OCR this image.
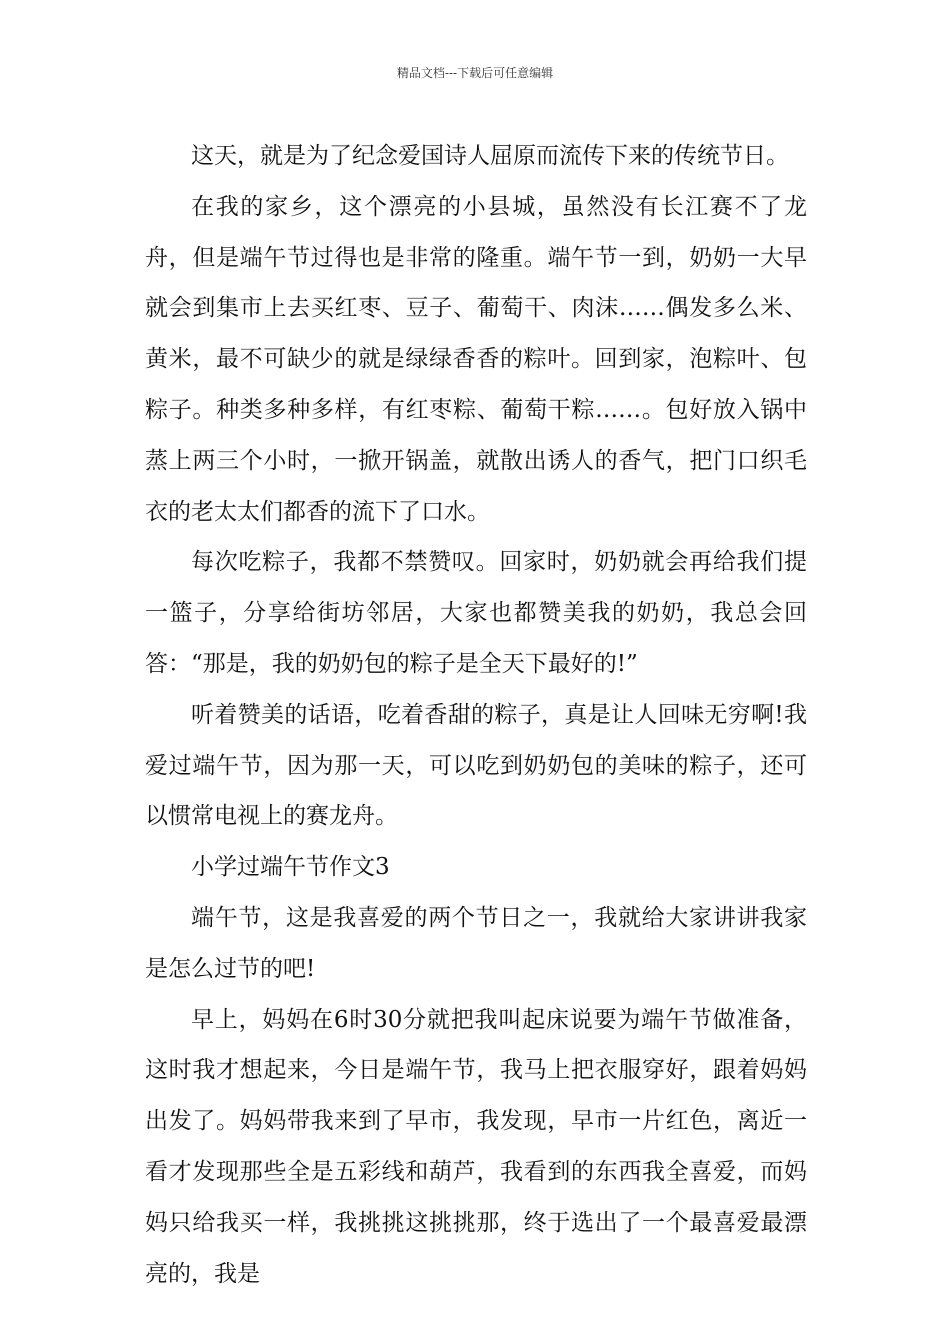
精品文档---下载后可任意编辑

这天，就是为了纪念爱国诗人屈原而流传下来的传统节日。

在我的家乡，这个漂亮的小县城，虽然没有长江赛不了龙舟，但是端午节过得也是非常的隆重。端午节一到，奶奶一大早就会到集市上去买红枣、豆子、葡萄干、肉沫……偶发多么米、黄米，最不可缺少的就是绿绿香香的粽叶。回到家，泡粽叶、包粽子。种类多种多样，有红枣粽、葡萄干粽……。包好放入锅中蒸上两三个小时，一掀开锅盖，就散出诱人的香气，把门口织毛衣的老太太们都香的流下了口水。

每次吃粽子，我都不禁赞叹。回家时，奶奶就会再给我们提一篮子，分享给街坊邻居，大家也都赞美我的奶奶，我总会回答：“那是，我的奶奶包的粽子是全天下最好的!”

听着赞美的话语，吃着香甜的粽子，真是让人回味无穷啊!我爱过端午节，因为那一天，可以吃到奶奶包的美味的粽子，还可以惯常电视上的赛龙舟。

小学过端午节作文3

端午节，这是我喜爱的两个节日之一，我就给大家讲讲我家是怎么过节的吧!

早上，妈妈在6时30分就把我叫起床说要为端午节做准备，这时我才想起来，今日是端午节，我马上把衣服穿好，跟着妈妈出发了。妈妈带我来到了早市，我发现，早市一片红色，离近一看才发现那些全是五彩线和葫芦，我看到的东西我全喜爱，而妈妈只给我买一样，我挑挑这挑挑那，终于选出了一个最喜爱最漂亮的，我是
